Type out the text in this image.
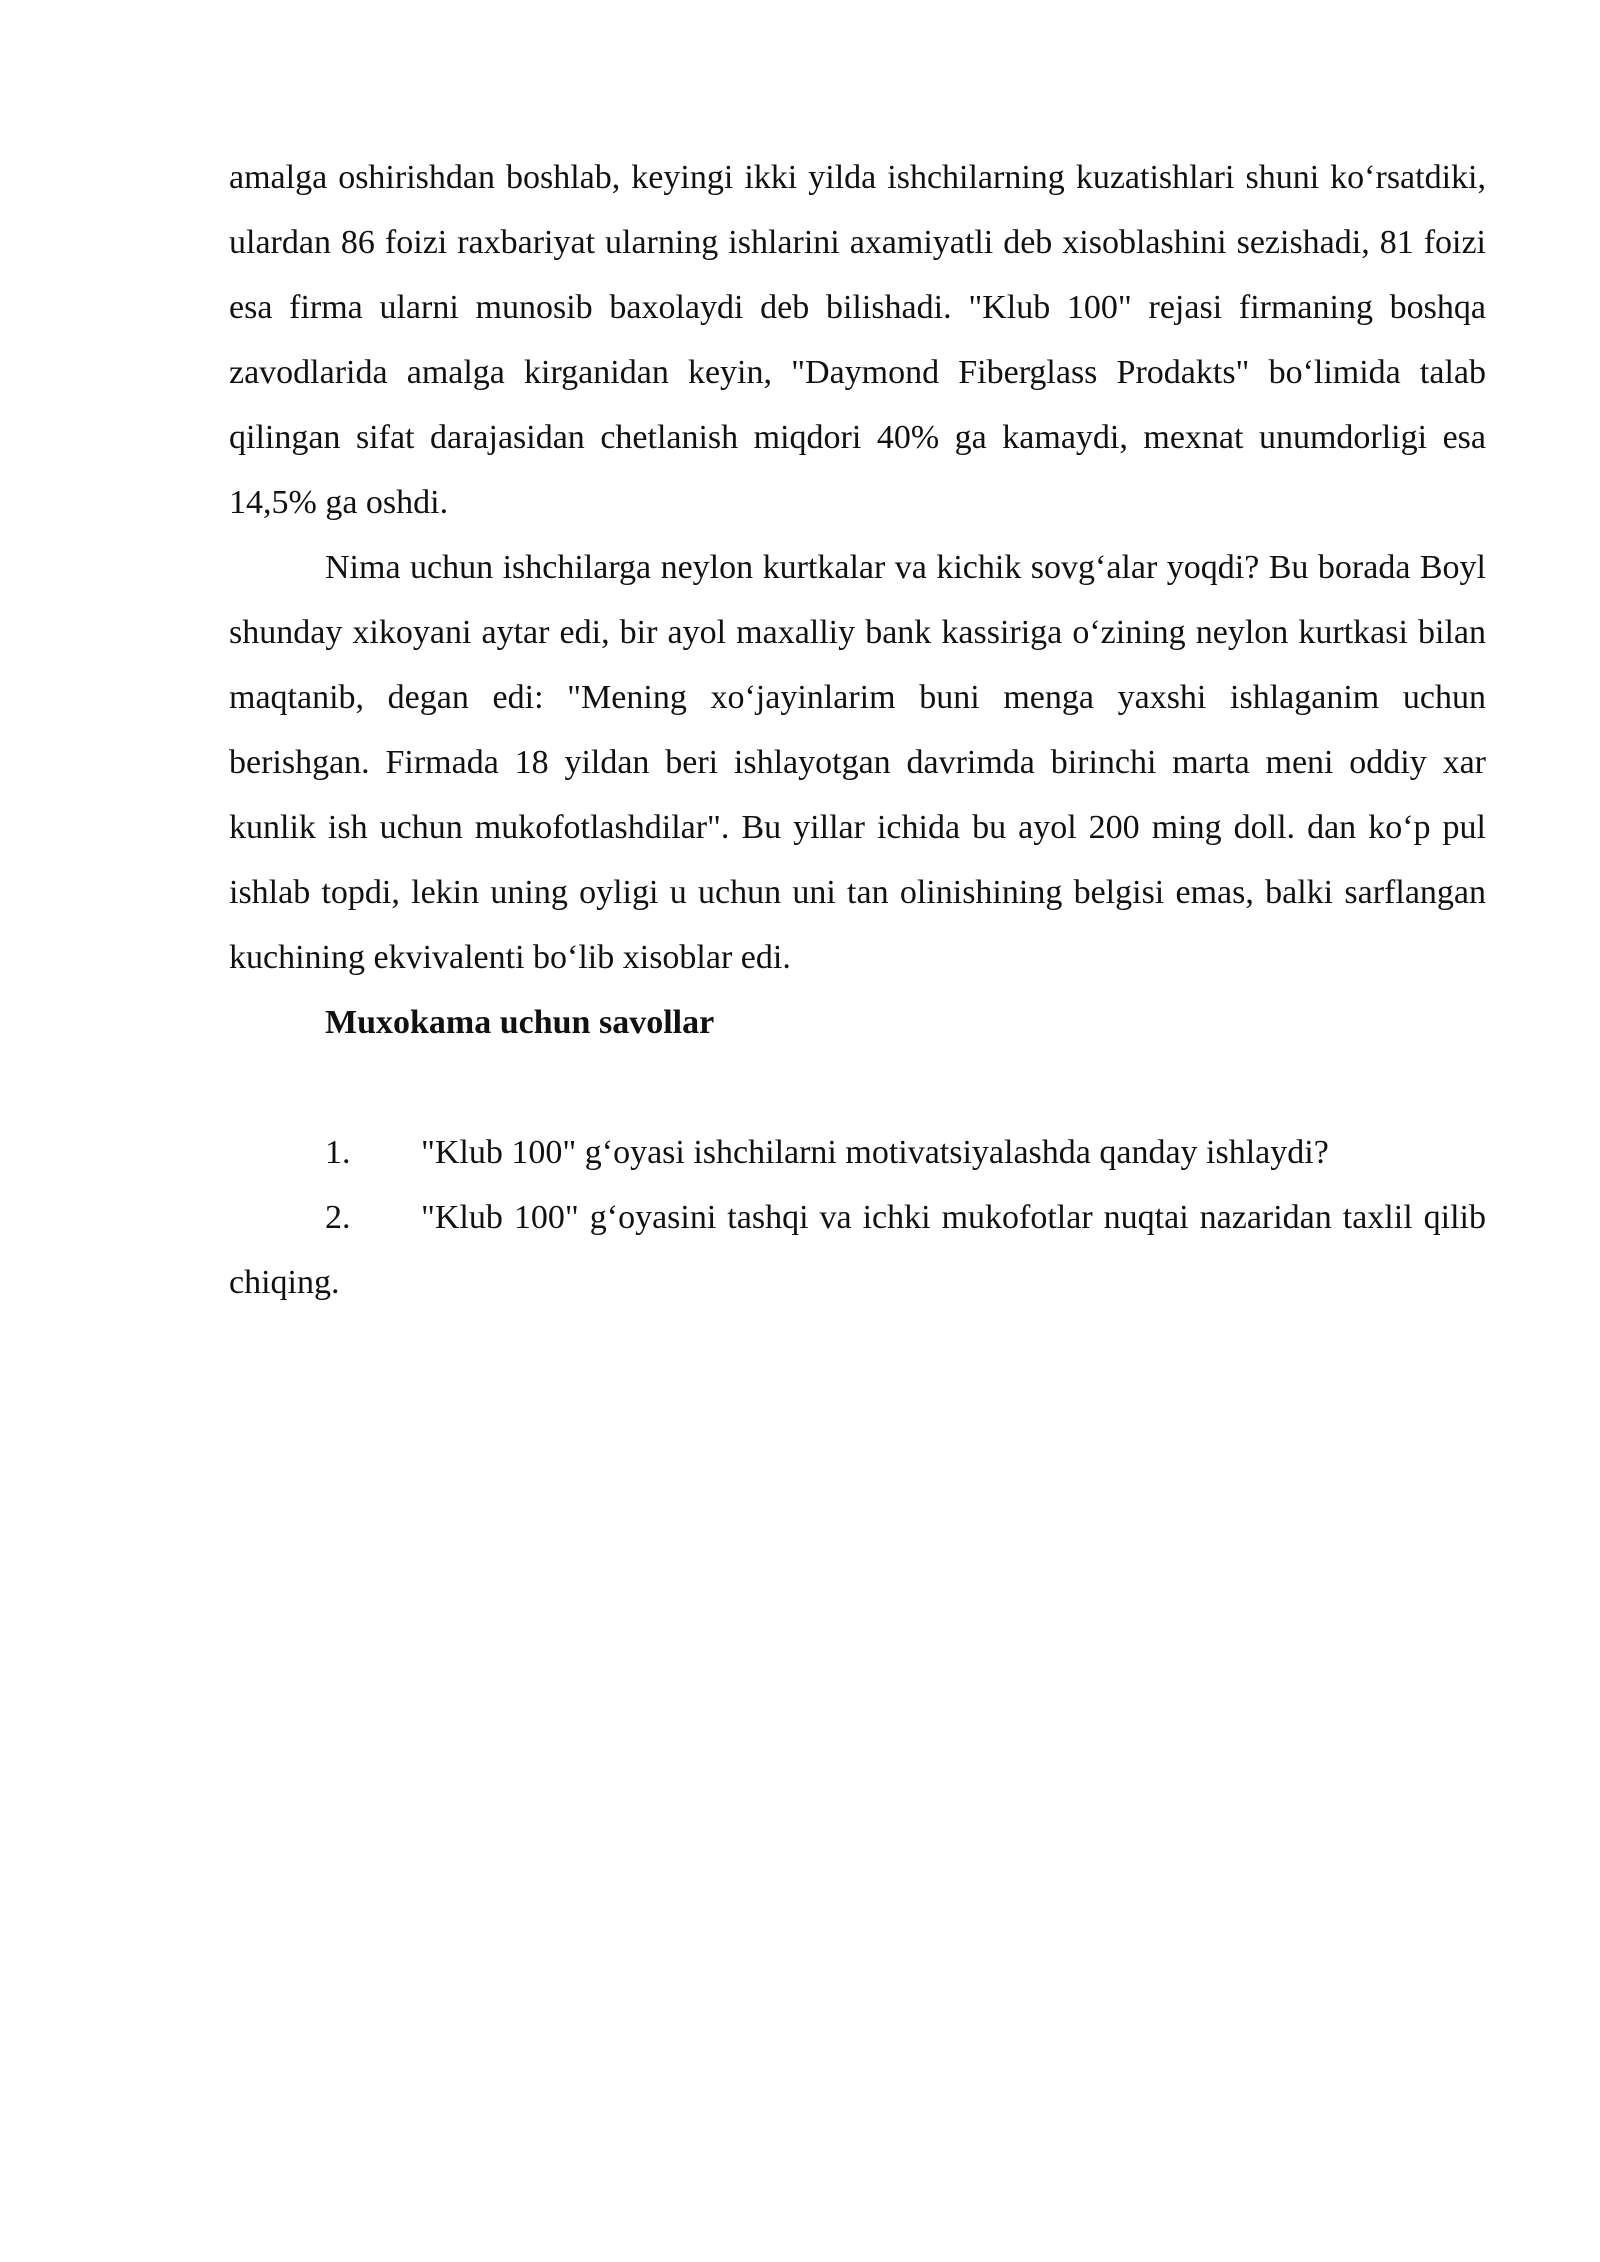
amalga oshirishdan boshlab, keyingi ikki yilda ishchilarning kuzatishlari shuni ko‘rsatdiki, ulardan 86 foizi raxbariyat ularning ishlarini axamiyatli deb xisoblashini sezishadi, 81 foizi esa firma ularni munosib baxolaydi deb bilishadi. "Klub 100" rejasi firmaning boshqa zavodlarida amalga kirganidan keyin, "Daymond Fiberglass Prodakts" bo‘limida talab qilingan sifat darajasidan chetlanish miqdori 40% ga kamaydi, mexnat unumdorligi esa 14,5% ga oshdi.

Nima uchun ishchilarga neylon kurtkalar va kichik sovg‘alar yoqdi? Bu borada Boyl shunday xikoyani aytar edi, bir ayol maxalliy bank kassiriga o‘zining neylon kurtkasi bilan maqtanib, degan edi: "Mening xo‘jayinlarim buni menga yaxshi ishlaganim uchun berishgan. Firmada 18 yildan beri ishlayotgan davrimda birinchi marta meni oddiy xar kunlik ish uchun mukofotlashdilar". Bu yillar ichida bu ayol 200 ming doll. dan ko‘p pul ishlab topdi, lekin uning oyligi u uchun uni tan olinishining belgisi emas, balki sarflangan kuchining ekvivalenti bo‘lib xisoblar edi.

Muxokama uchun savollar

1. "Klub 100" g‘oyasi ishchilarni motivatsiyalashda qanday ishlaydi?

2. "Klub 100" g‘oyasini tashqi va ichki mukofotlar nuqtai nazaridan taxlil qilib chiqing.
